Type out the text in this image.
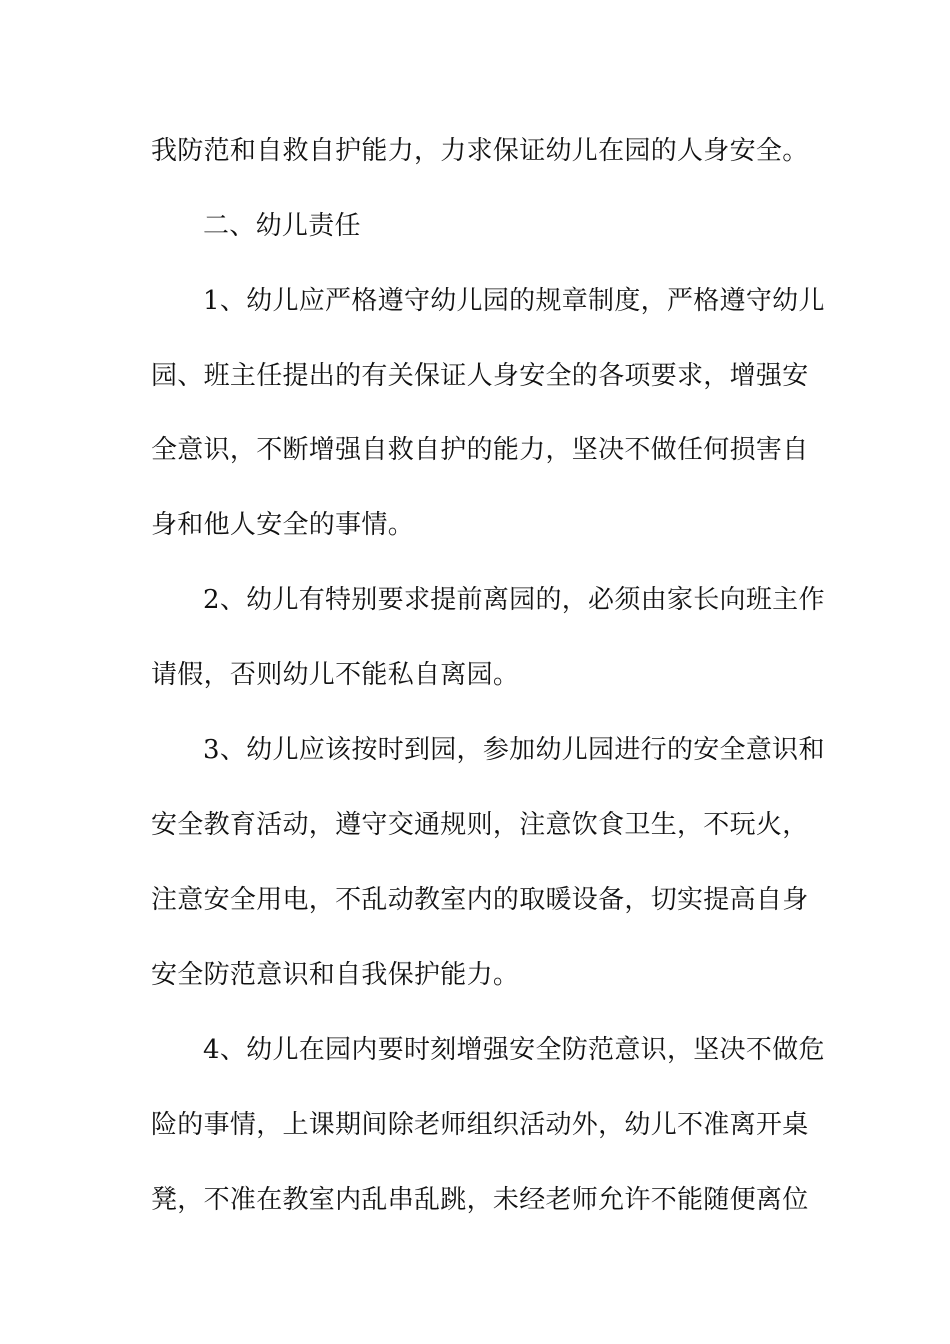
我防范和自救自护能力，力求保证幼儿在园的人身安全。
二、幼儿责任
1、幼儿应严格遵守幼儿园的规章制度，严格遵守幼儿
园、班主任提出的有关保证人身安全的各项要求，增强安
全意识，不断增强自救自护的能力，坚决不做任何损害自
身和他人安全的事情。
2、幼儿有特别要求提前离园的，必须由家长向班主作
请假，否则幼儿不能私自离园。
3、幼儿应该按时到园，参加幼儿园进行的安全意识和
安全教育活动，遵守交通规则，注意饮食卫生，不玩火，
注意安全用电，不乱动教室内的取暖设备，切实提高自身
安全防范意识和自我保护能力。
4、幼儿在园内要时刻增强安全防范意识，坚决不做危
险的事情，上课期间除老师组织活动外，幼儿不准离开桌
凳，不准在教室内乱串乱跳，未经老师允许不能随便离位
